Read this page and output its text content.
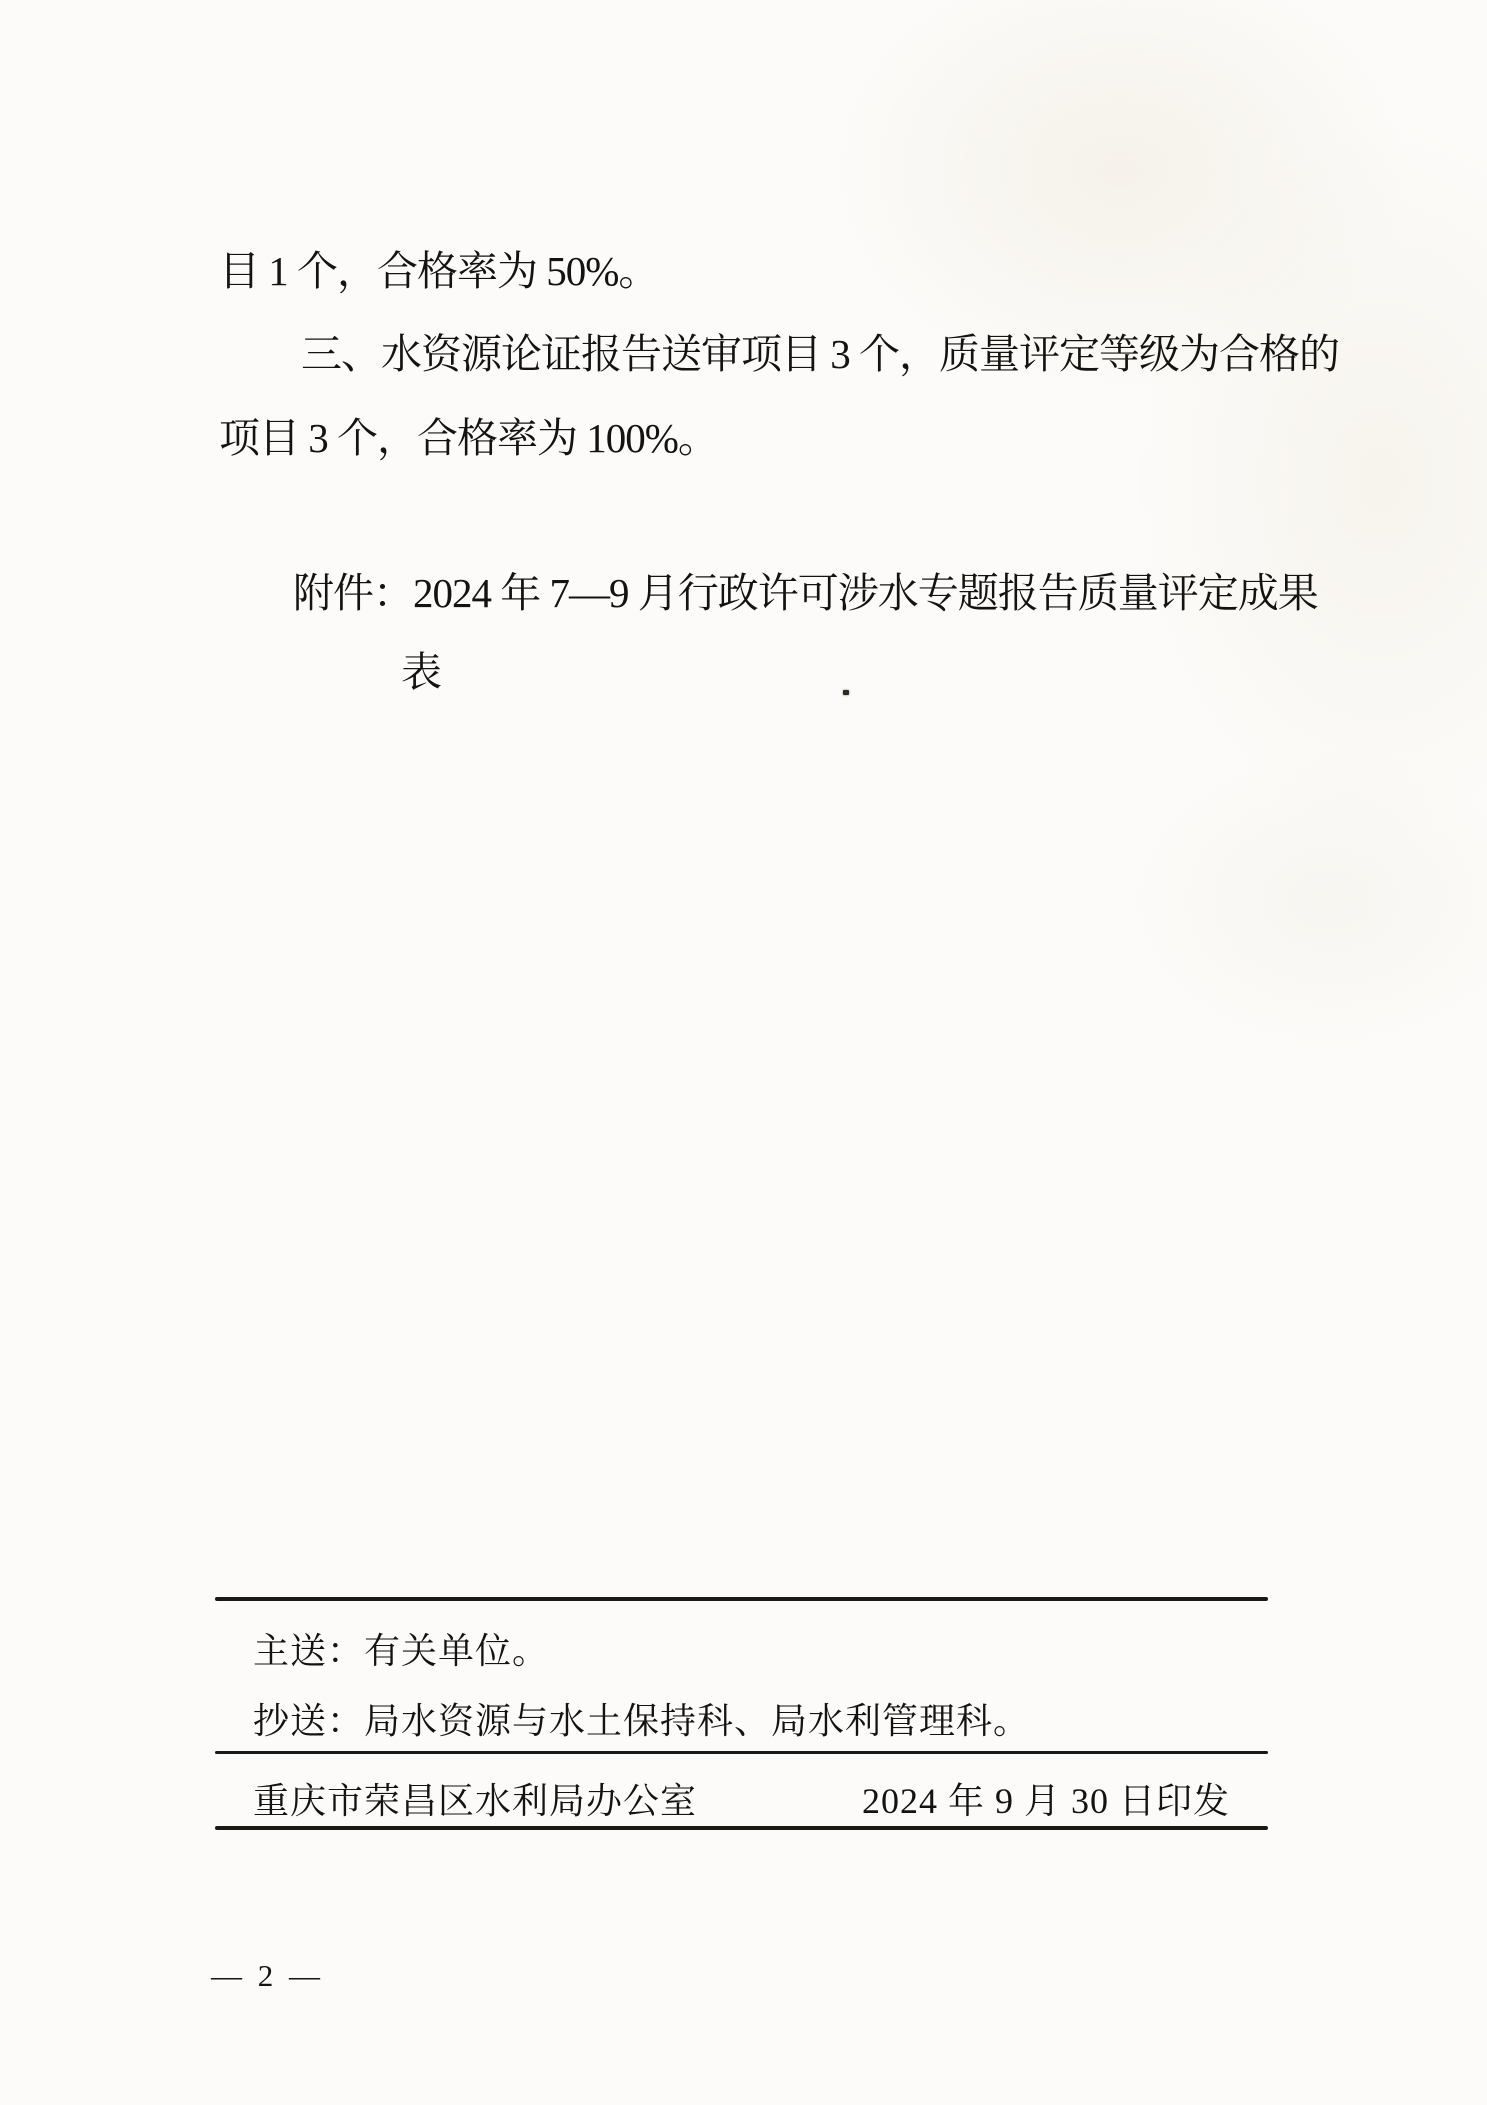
目 1 个，合格率为 50%。
三、水资源论证报告送审项目 3 个，质量评定等级为合格的
项目 3 个，合格率为 100%。
附件：2024 年 7—9 月行政许可涉水专题报告质量评定成果
表
主送：有关单位。
抄送：局水资源与水土保持科、局水利管理科。
重庆市荣昌区水利局办公室	2024 年 9 月 30 日印发
— 2 —
